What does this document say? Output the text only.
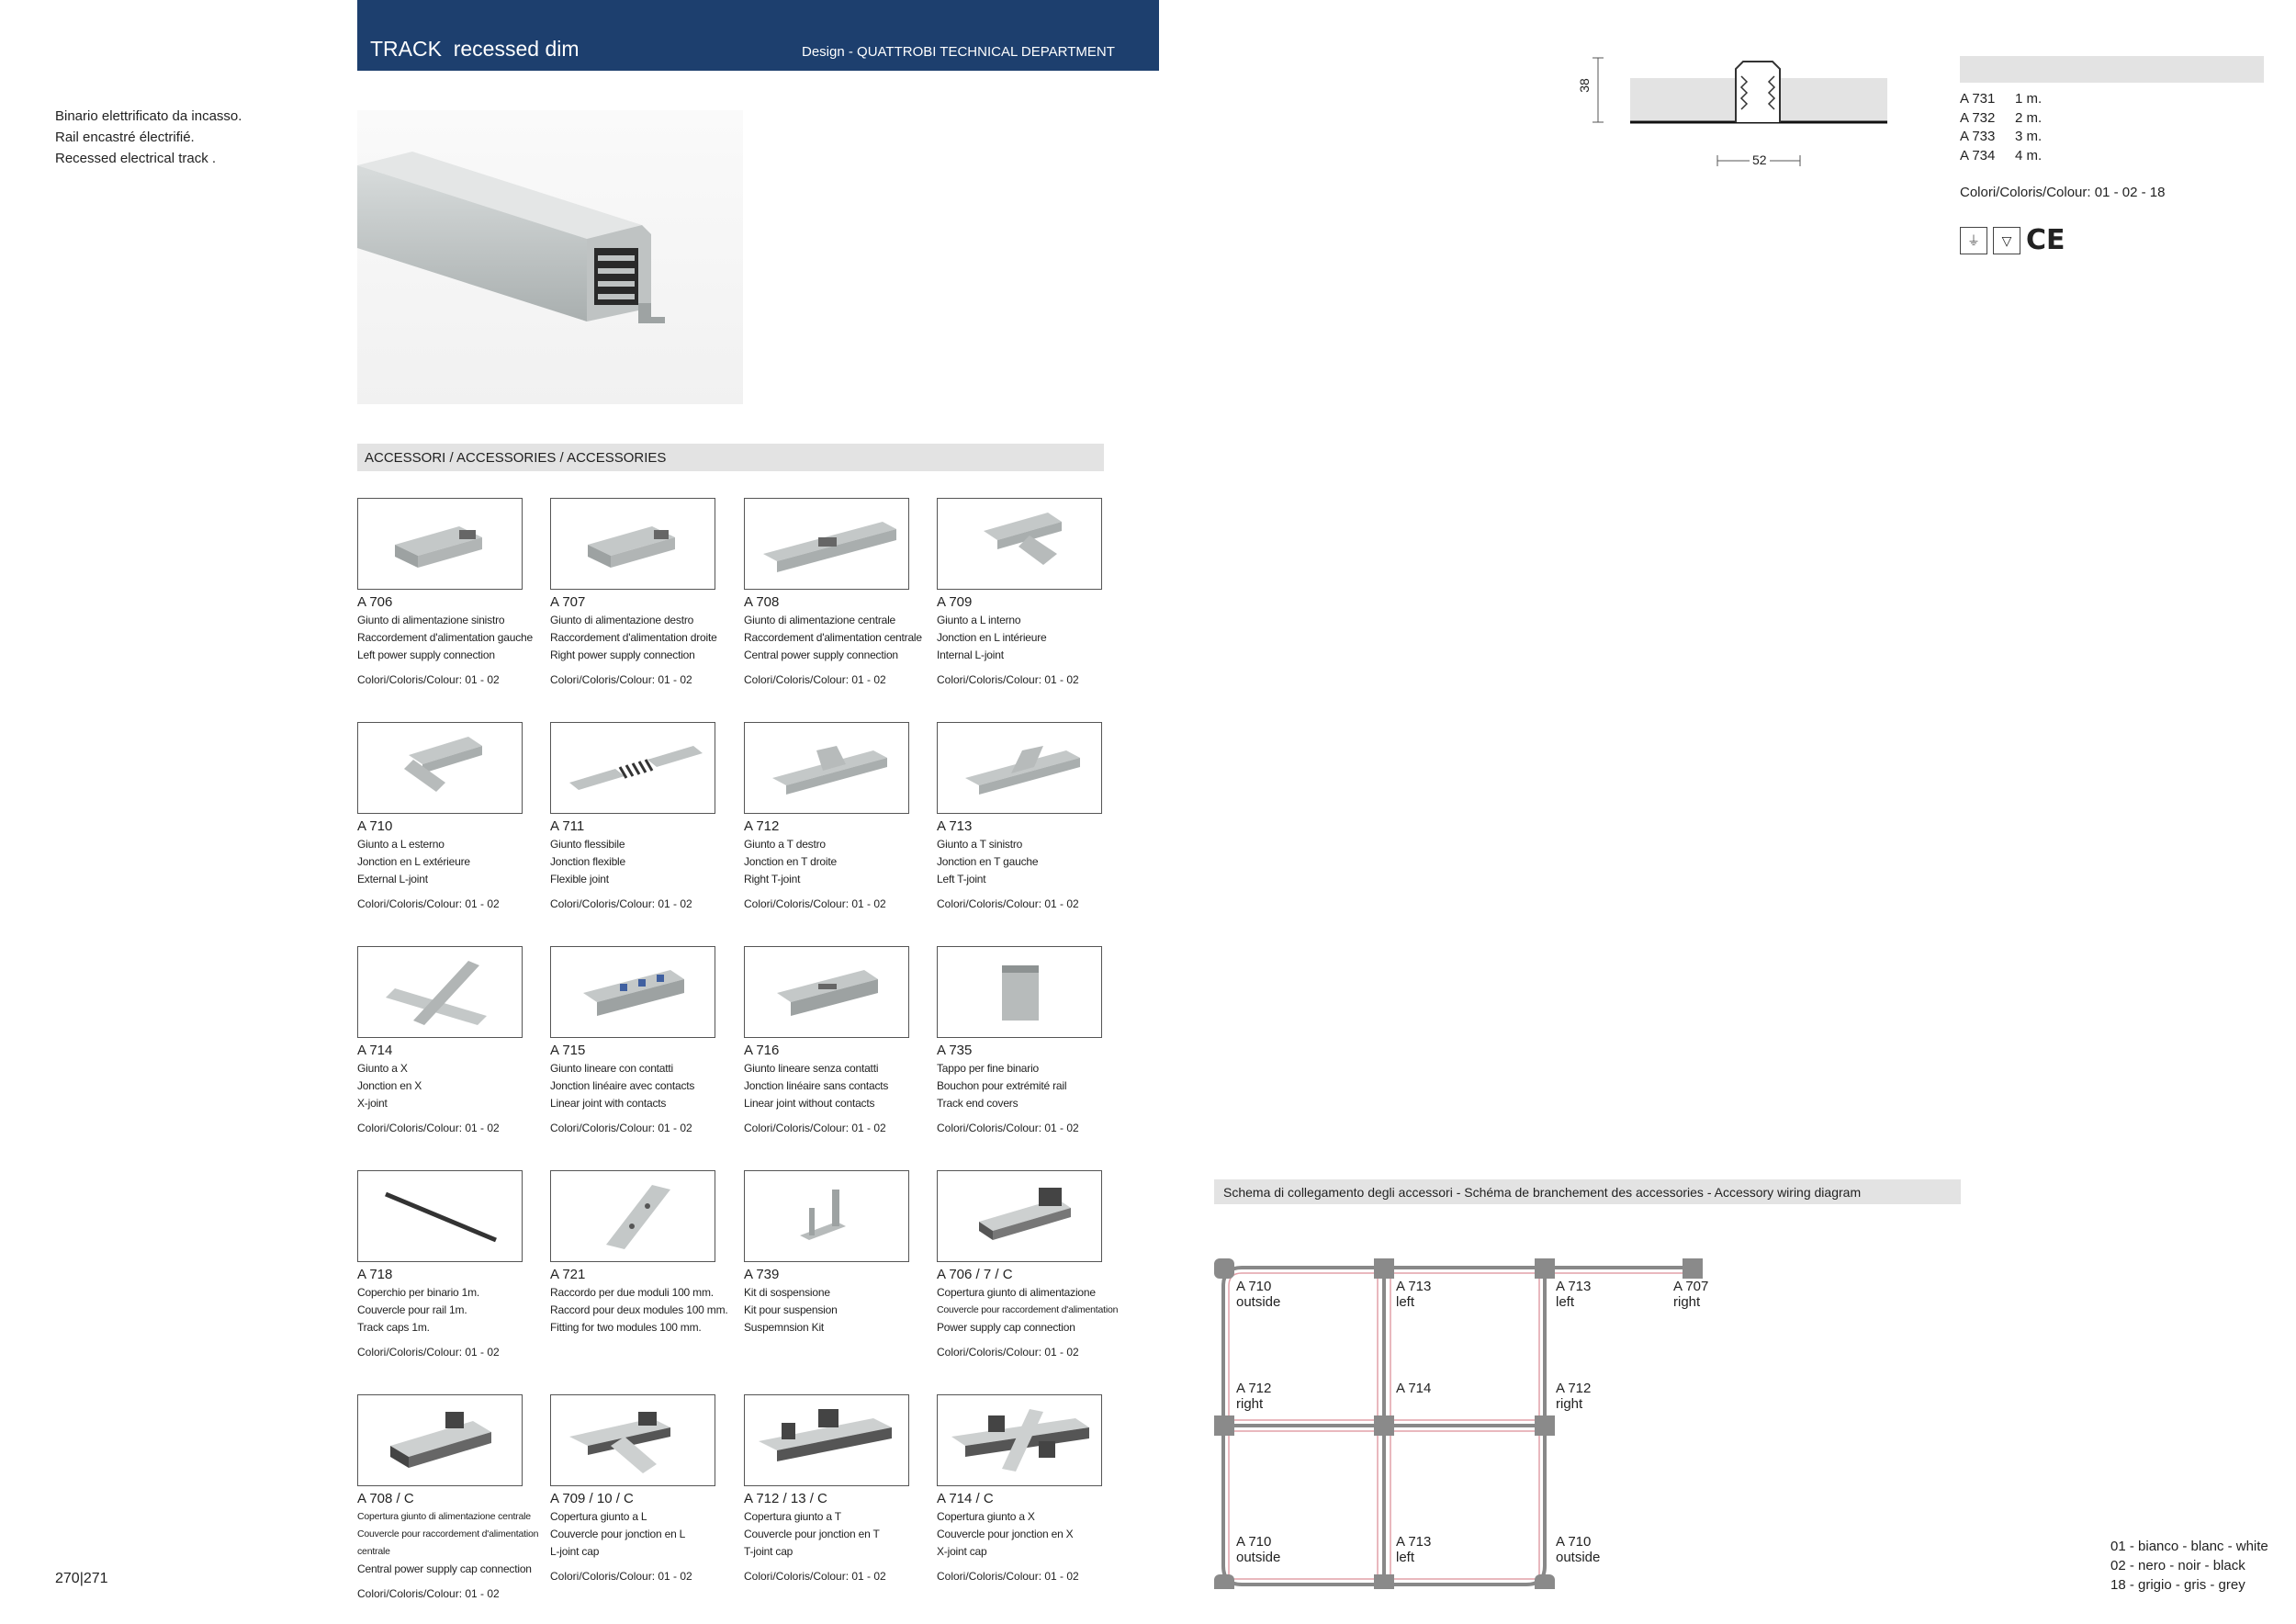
TRACK  recessed dim	Design - QUATTROBI TECHNICAL DEPARTMENT
Binario elettrificato da incasso.
Rail encastré électrifié.
Recessed electrical track .
ACCESSORI / ACCESSORIES / ACCESSORIES
A 706
Giunto di alimentazione sinistro
Raccordement d'alimentation gauche
Left power supply connection
Colori/Coloris/Colour: 01 - 02
A 707
Giunto di alimentazione destro
Raccordement d'alimentation droite
Right power supply connection
Colori/Coloris/Colour: 01 - 02
A 708
Giunto di alimentazione centrale
Raccordement d'alimentation centrale
Central power supply connection
Colori/Coloris/Colour: 01 - 02
A 709
Giunto a L interno
Jonction en L intérieure
Internal L-joint
Colori/Coloris/Colour: 01 - 02
A 710
Giunto a L esterno
Jonction en L extérieure
External L-joint
Colori/Coloris/Colour: 01 - 02
A 711
Giunto flessibile
Jonction flexible
Flexible joint
Colori/Coloris/Colour: 01 - 02
A 712
Giunto a T destro
Jonction en T droite
Right T-joint
Colori/Coloris/Colour: 01 - 02
A 713
Giunto a T sinistro
Jonction en T gauche
Left T-joint
Colori/Coloris/Colour: 01 - 02
A 714
Giunto a X
Jonction en X
X-joint
Colori/Coloris/Colour: 01 - 02
A 715
Giunto lineare con contatti
Jonction linéaire avec contacts
Linear joint with contacts
Colori/Coloris/Colour: 01 - 02
A 716
Giunto lineare senza contatti
Jonction linéaire sans contacts
Linear joint without contacts
Colori/Coloris/Colour: 01 - 02
A 735
Tappo per fine binario
Bouchon pour extrémité rail
Track end covers
Colori/Coloris/Colour: 01 - 02
A 718
Coperchio per binario 1m.
Couvercle pour rail 1m.
Track caps 1m.
Colori/Coloris/Colour: 01 - 02
A 721
Raccordo per due moduli 100 mm.
Raccord pour deux modules 100 mm.
Fitting for two modules 100 mm.
A 739
Kit di sospensione
Kit pour suspension
Suspemnsion Kit
A 706 / 7 / C
Copertura giunto di alimentazione
Couvercle pour raccordement d'alimentation
Power supply cap connection
Colori/Coloris/Colour: 01 - 02
A 708 / C
Copertura giunto di alimentazione centrale
Couvercle pour raccordement d'alimentation centrale
Central power supply cap connection
Colori/Coloris/Colour: 01 - 02
A 709 / 10 / C
Copertura giunto a L
Couvercle pour jonction en L
L-joint cap
Colori/Coloris/Colour: 01 - 02
A 712 / 13 / C
Copertura giunto a T
Couvercle pour jonction en T
T-joint cap
Colori/Coloris/Colour: 01 - 02
A 714 / C
Copertura giunto a X
Couvercle pour jonction en X
X-joint cap
Colori/Coloris/Colour: 01 - 02
38
52
A 731 1 m.
A 732 2 m.
A 733 3 m.
A 734 4 m.
Colori/Coloris/Colour: 01 - 02 - 18
⏚ ▽ CE
Schema di collegamento degli accessori - Schéma de branchement des accessories - Accessory wiring diagram
A 710
outside
A 713
left
A 713
left
A 707
right
A 712
right
A 714	A 712
right
A 710
outside
A 713
left
A 710
outside
270|271
01 - bianco - blanc - white
02 - nero - noir - black
18 - grigio - gris - grey
